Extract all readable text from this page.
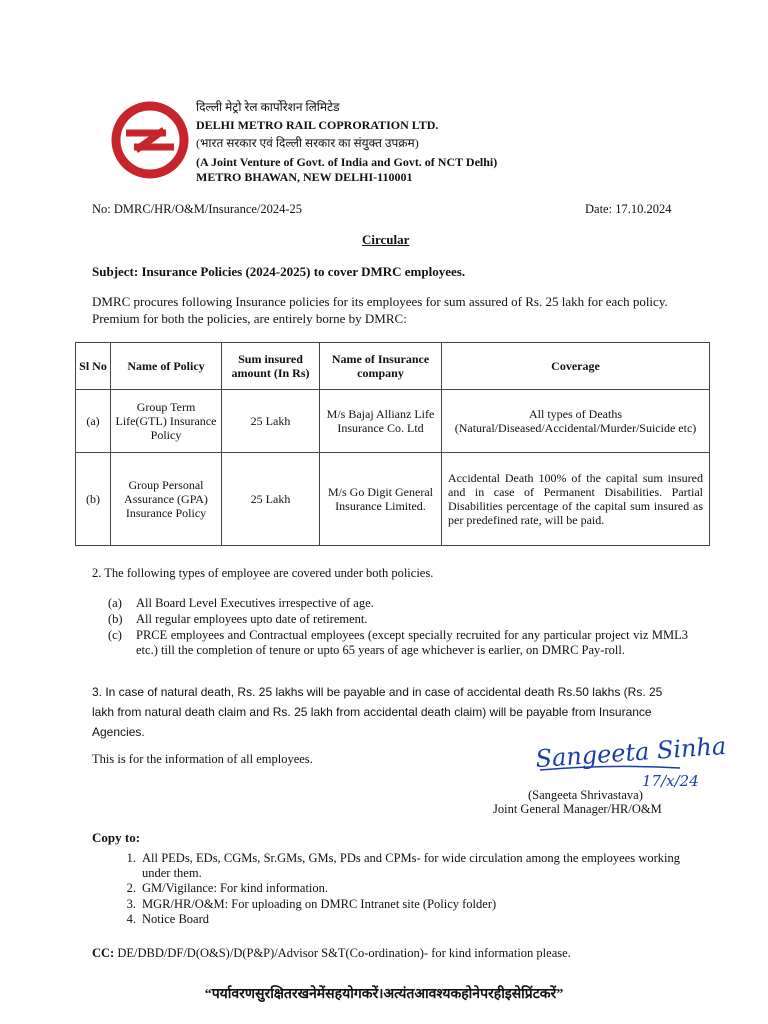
दिल्ली मेट्रो रेल कार्पोरेशन लिमिटेड
DELHI METRO RAIL COPRORATION LTD.
(भारत सरकार एवं दिल्ली सरकार का संयुक्त उपक्रम)
(A Joint Venture of Govt. of India and Govt. of NCT Delhi)
METRO BHAWAN, NEW DELHI-110001
No: DMRC/HR/O&M/Insurance/2024-25	Date: 17.10.2024
Circular
Subject: Insurance Policies (2024-2025) to cover DMRC employees.
DMRC procures following Insurance policies for its employees for sum assured of Rs. 25 lakh for each policy. Premium for both the policies, are entirely borne by DMRC:
Sl No	Name of Policy	Sum insured amount (In Rs)	Name of Insurance company	Coverage
(a)	Group Term Life(GTL) Insurance Policy	25 Lakh	M/s Bajaj Allianz Life Insurance Co. Ltd	All types of Deaths (Natural/Diseased/Accidental/Murder/Suicide etc)
(b)	Group Personal Assurance (GPA) Insurance Policy	25 Lakh	M/s Go Digit General Insurance Limited.	Accidental Death 100% of the capital sum insured and in case of Permanent Disabilities. Partial Disabilities percentage of the capital sum insured as per predefined rate, will be paid.
2. The following types of employee are covered under both policies.
(a) All Board Level Executives irrespective of age.
(b) All regular employees upto date of retirement.
(c)	PRCE employees and Contractual employees (except specially recruited for any particular project viz MML3 etc.) till the completion of tenure or upto 65 years of age whichever is earlier, on DMRC Pay-roll.
3. In case of natural death, Rs. 25 lakhs will be payable and in case of accidental death Rs.50 lakhs (Rs. 25 lakh from natural death claim and Rs. 25 lakh from accidental death claim) will be payable from Insurance Agencies.
This is for the information of all employees.	Sangeeta Sinha
17/x/24
(Sangeeta Shrivastava)
Joint General Manager/HR/O&M
Copy to:
1. All PEDs, EDs, CGMs, Sr.GMs, GMs, PDs and CPMs- for wide circulation among the employees working under them.
2. GM/Vigilance: For kind information.
3. MGR/HR/O&M: For uploading on DMRC Intranet site (Policy folder)
4. Notice Board
CC: DE/DBD/DF/D(O&S)/D(P&P)/Advisor S&T(Co-ordination)- for kind information please.
“पर्यावरणसुरक्षितरखनेमेंसहयोगकरें।अत्यंतआवश्यकहोनेपरहीइसेप्रिंटकरें”
